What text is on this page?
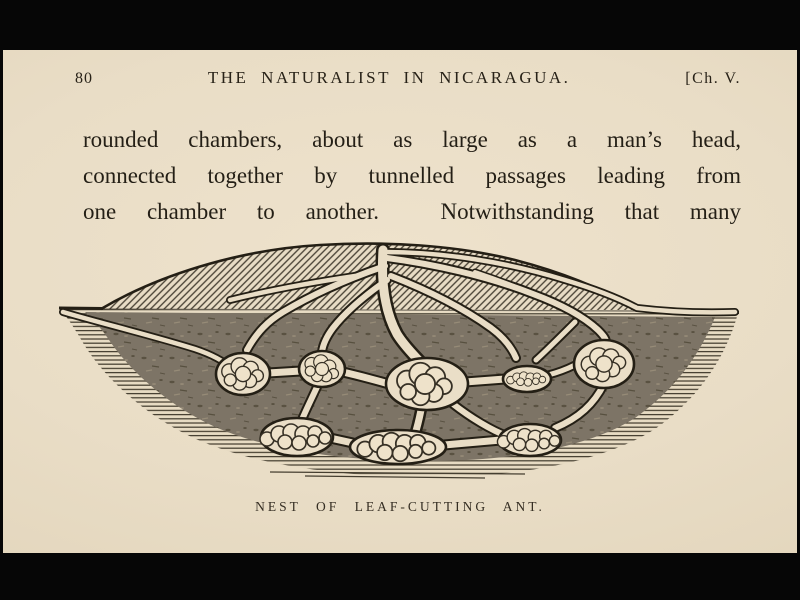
80	THE NATURALIST IN NICARAGUA.	[Ch. V.
rounded chambers, about as large as a man’s head,
connected together by tunnelled passages leading from
one chamber to another.  Notwithstanding that many
NEST OF LEAF-CUTTING ANT.
